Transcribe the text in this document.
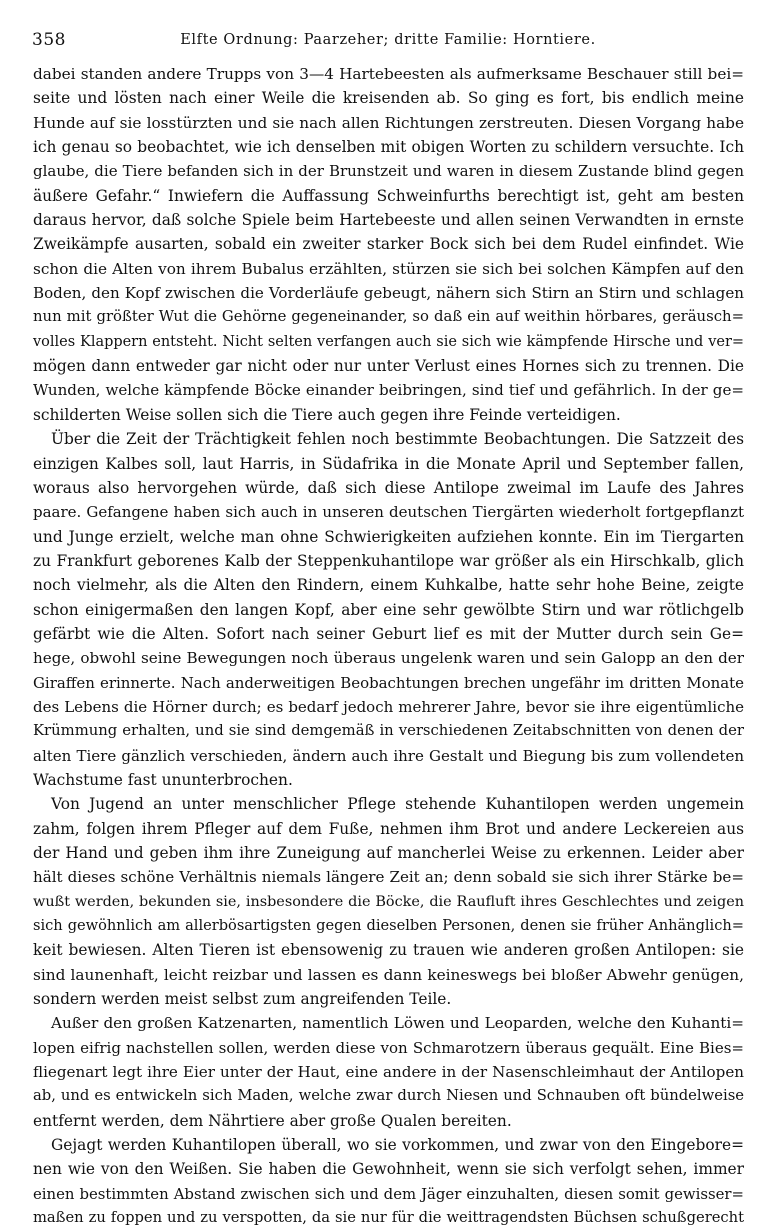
358	Elfte Ordnung: Paarzeher; dritte Familie: Horntiere.
dabei standen andere Trupps von 3—4 Hartebeesten als aufmerksame Beschauer still bei=
seite und lösten nach einer Weile die kreisenden ab. So ging es fort, bis endlich meine
Hunde auf sie losstürzten und sie nach allen Richtungen zerstreuten. Diesen Vorgang habe
ich genau so beobachtet, wie ich denselben mit obigen Worten zu schildern versuchte. Ich
glaube, die Tiere befanden sich in der Brunstzeit und waren in diesem Zustande blind gegen
äußere Gefahr.“ Inwiefern die Auffassung Schweinfurths berechtigt ist, geht am besten
daraus hervor, daß solche Spiele beim Hartebeeste und allen seinen Verwandten in ernste
Zweikämpfe ausarten, sobald ein zweiter starker Bock sich bei dem Rudel einfindet. Wie
schon die Alten von ihrem Bubalus erzählten, stürzen sie sich bei solchen Kämpfen auf den
Boden, den Kopf zwischen die Vorderläufe gebeugt, nähern sich Stirn an Stirn und schlagen
nun mit größter Wut die Gehörne gegeneinander, so daß ein auf weithin hörbares, geräusch=
volles Klappern entsteht. Nicht selten verfangen auch sie sich wie kämpfende Hirsche und ver=
mögen dann entweder gar nicht oder nur unter Verlust eines Hornes sich zu trennen. Die
Wunden, welche kämpfende Böcke einander beibringen, sind tief und gefährlich. In der ge=
schilderten Weise sollen sich die Tiere auch gegen ihre Feinde verteidigen.
Über die Zeit der Trächtigkeit fehlen noch bestimmte Beobachtungen. Die Satzzeit des
einzigen Kalbes soll, laut Harris, in Südafrika in die Monate April und September fallen,
woraus also hervorgehen würde, daß sich diese Antilope zweimal im Laufe des Jahres
paare. Gefangene haben sich auch in unseren deutschen Tiergärten wiederholt fortgepflanzt
und Junge erzielt, welche man ohne Schwierigkeiten aufziehen konnte. Ein im Tiergarten
zu Frankfurt geborenes Kalb der Steppenkuhantilope war größer als ein Hirschkalb, glich
noch vielmehr, als die Alten den Rindern, einem Kuhkalbe, hatte sehr hohe Beine, zeigte
schon einigermaßen den langen Kopf, aber eine sehr gewölbte Stirn und war rötlichgelb
gefärbt wie die Alten. Sofort nach seiner Geburt lief es mit der Mutter durch sein Ge=
hege, obwohl seine Bewegungen noch überaus ungelenk waren und sein Galopp an den der
Giraffen erinnerte. Nach anderweitigen Beobachtungen brechen ungefähr im dritten Monate
des Lebens die Hörner durch; es bedarf jedoch mehrerer Jahre, bevor sie ihre eigentümliche
Krümmung erhalten, und sie sind demgemäß in verschiedenen Zeitabschnitten von denen der
alten Tiere gänzlich verschieden, ändern auch ihre Gestalt und Biegung bis zum vollendeten
Wachstume fast ununterbrochen.
Von Jugend an unter menschlicher Pflege stehende Kuhantilopen werden ungemein
zahm, folgen ihrem Pfleger auf dem Fuße, nehmen ihm Brot und andere Leckereien aus
der Hand und geben ihm ihre Zuneigung auf mancherlei Weise zu erkennen. Leider aber
hält dieses schöne Verhältnis niemals längere Zeit an; denn sobald sie sich ihrer Stärke be=
wußt werden, bekunden sie, insbesondere die Böcke, die Raufluft ihres Geschlechtes und zeigen
sich gewöhnlich am allerbösartigsten gegen dieselben Personen, denen sie früher Anhänglich=
keit bewiesen. Alten Tieren ist ebensowenig zu trauen wie anderen großen Antilopen: sie
sind launenhaft, leicht reizbar und lassen es dann keineswegs bei bloßer Abwehr genügen,
sondern werden meist selbst zum angreifenden Teile.
Außer den großen Katzenarten, namentlich Löwen und Leoparden, welche den Kuhanti=
lopen eifrig nachstellen sollen, werden diese von Schmarotzern überaus gequält. Eine Bies=
fliegenart legt ihre Eier unter der Haut, eine andere in der Nasenschleimhaut der Antilopen
ab, und es entwickeln sich Maden, welche zwar durch Niesen und Schnauben oft bündelweise
entfernt werden, dem Nährtiere aber große Qualen bereiten.
Gejagt werden Kuhantilopen überall, wo sie vorkommen, und zwar von den Eingebore=
nen wie von den Weißen. Sie haben die Gewohnheit, wenn sie sich verfolgt sehen, immer
einen bestimmten Abstand zwischen sich und dem Jäger einzuhalten, diesen somit gewisser=
maßen zu foppen und zu verspotten, da sie nur für die weittragendsten Büchsen schußgerecht
